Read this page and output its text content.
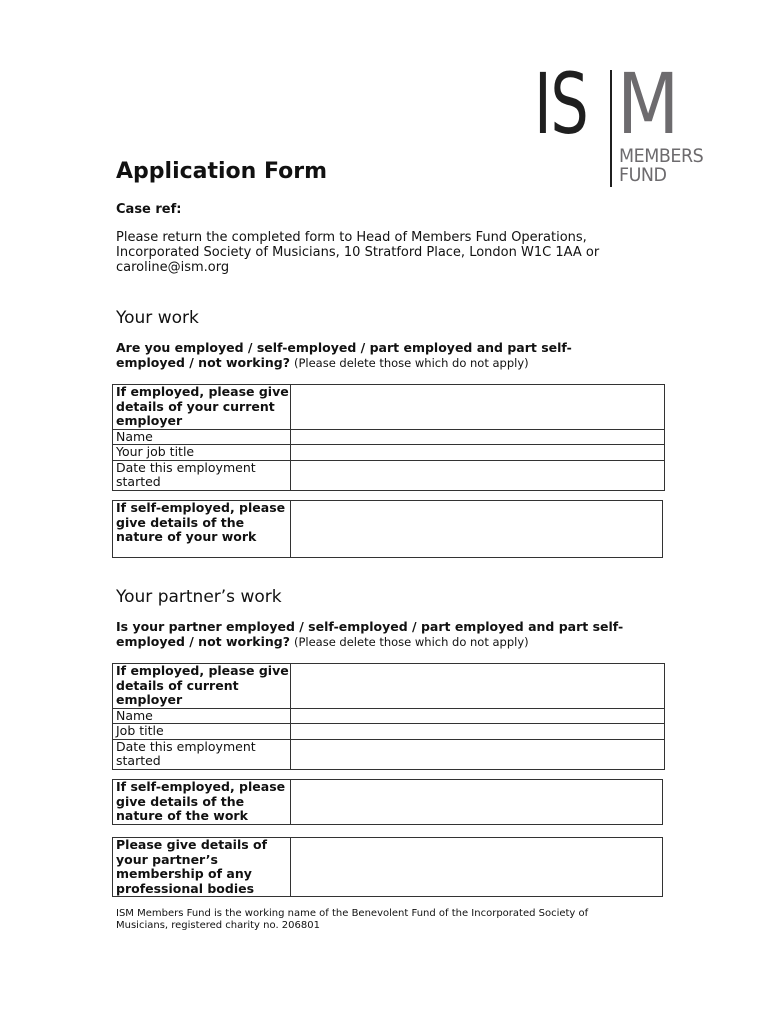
IS M
MEMBERS
FUND
Application Form
Case ref:
Please return the completed form to Head of Members Fund Operations, Incorporated Society of Musicians, 10 Stratford Place, London W1C 1AA or caroline@ism.org
Your work
Are you employed / self-employed / part employed and part self-employed / not working? (Please delete those which do not apply)
If employed, please give details of your current employer	
Name	
Your job title	
Date this employment started	
If self-employed, please give details of the nature of your work	
Your partner’s work
Is your partner employed / self-employed / part employed and part self-employed / not working? (Please delete those which do not apply)
If employed, please give details of current employer	
Name	
Job title	
Date this employment started	
If self-employed, please give details of the nature of the work	
Please give details of your partner’s membership of any professional bodies	
ISM Members Fund is the working name of the Benevolent Fund of the Incorporated Society of Musicians, registered charity no. 206801
